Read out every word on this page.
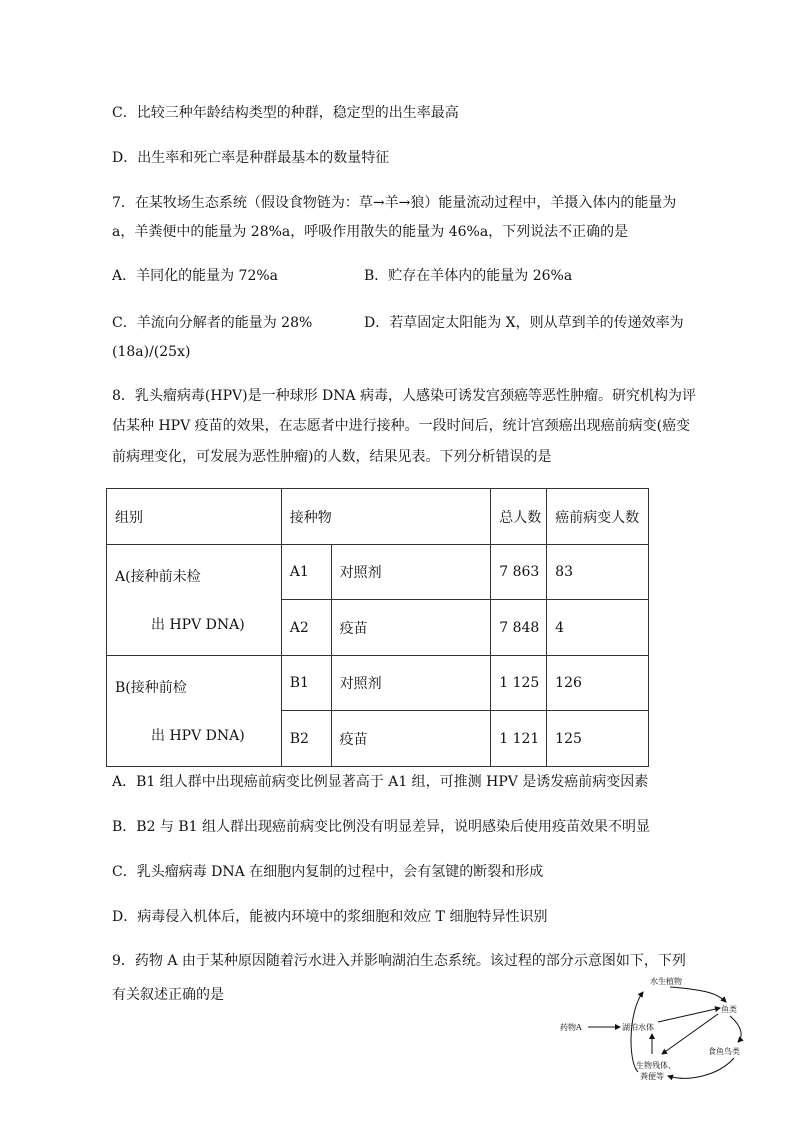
C．比较三种年龄结构类型的种群，稳定型的出生率最高
D．出生率和死亡率是种群最基本的数量特征
7．在某牧场生态系统（假设食物链为：草→羊→狼）能量流动过程中，羊摄入体内的能量为
a，羊粪便中的能量为 28%a，呼吸作用散失的能量为 46%a，下列说法不正确的是
A．羊同化的能量为 72%a	B．贮存在羊体内的能量为 26%a
C．羊流向分解者的能量为 28%	D．若草固定太阳能为 X，则从草到羊的传递效率为
(18a)/(25x)
8．乳头瘤病毒(HPV)是一种球形 DNA 病毒，人感染可诱发宫颈癌等恶性肿瘤。研究机构为评
估某种 HPV 疫苗的效果，在志愿者中进行接种。一段时间后，统计宫颈癌出现癌前病变(癌变
前病理变化，可发展为恶性肿瘤)的人数，结果见表。下列分析错误的是
组别	接种物		总人数	癌前病变人数

A(接种前未检
出 HPV DNA)	A1	对照剂	7 863	83
	A2	疫苗	7 848	4

B(接种前检
出 HPV DNA)	B1	对照剂	1 125	126
	B2	疫苗	1 121	125
A．B1 组人群中出现癌前病变比例显著高于 A1 组，可推测 HPV 是诱发癌前病变因素
B．B2 与 B1 组人群出现癌前病变比例没有明显差异，说明感染后使用疫苗效果不明显
C．乳头瘤病毒 DNA 在细胞内复制的过程中，会有氢键的断裂和形成
D．病毒侵入机体后，能被内环境中的浆细胞和效应 T 细胞特异性识别
9．药物 A 由于某种原因随着污水进入并影响湖泊生态系统。该过程的部分示意图如下，下列
有关叙述正确的是
水生植物
鱼类
湖泊水体
药物A
食鱼鸟类
生物残体、
粪便等
